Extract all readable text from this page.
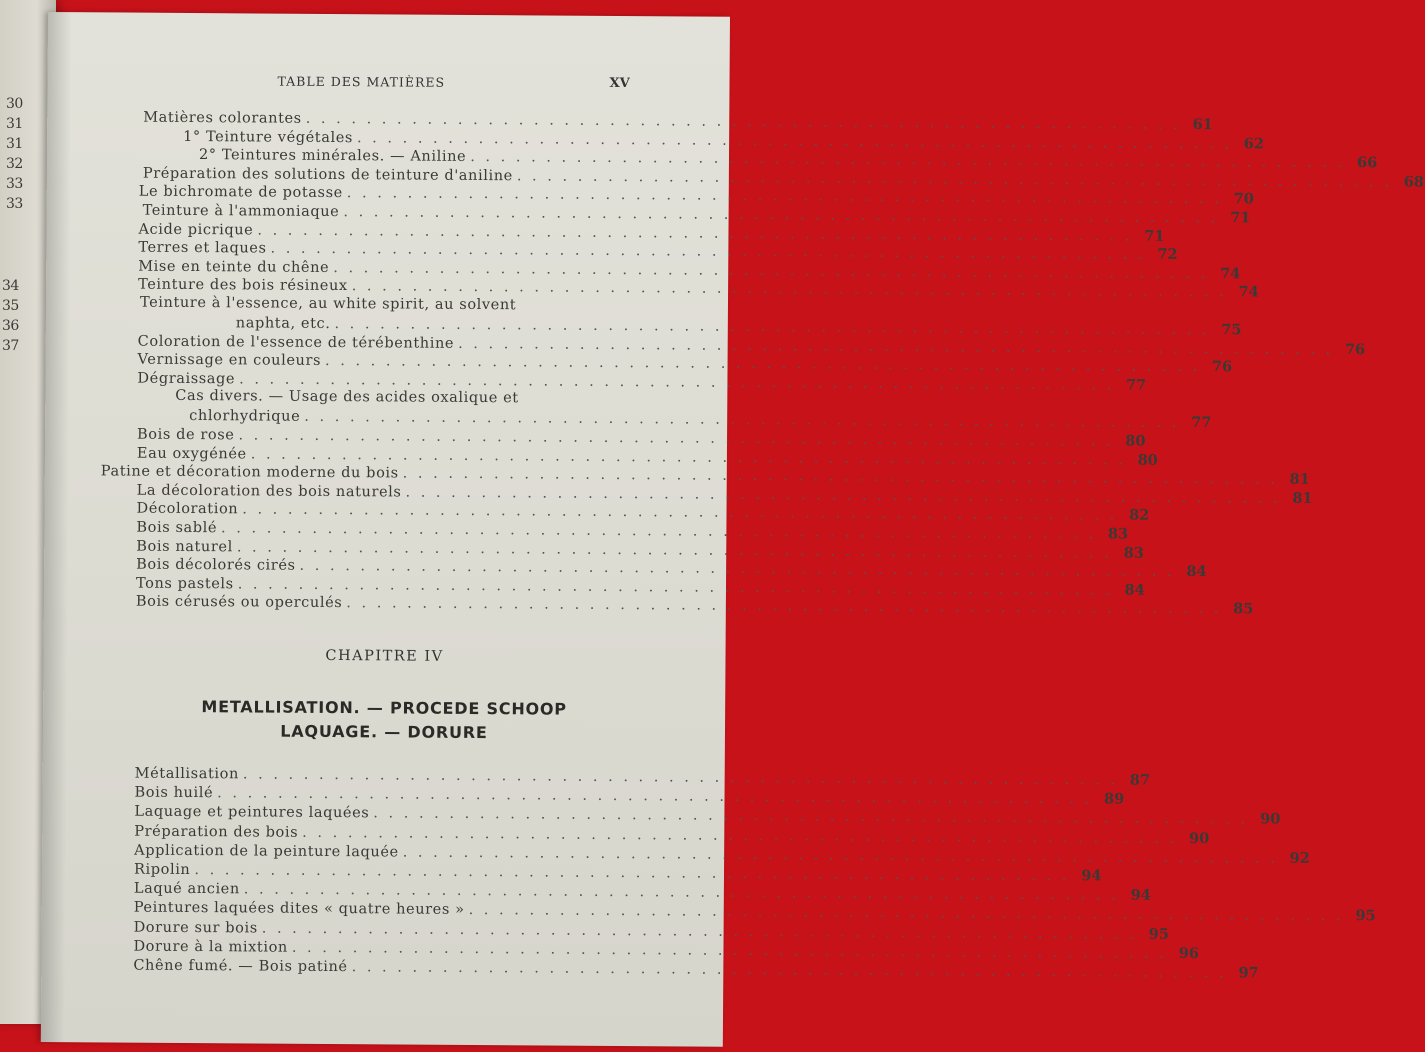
30
31
31
32
33
33
34
35
36
37
TABLE DES MATIÈRES	XV
Matières colorantes . . . . . . . . . . . . . . . . . . . . . . . . . . . . . . . . . . . . . . . . . . . . . . . . . . . . . . . . . . 61
1° Teinture végétales . . . . . . . . . . . . . . . . . . . . . . . . . . . . . . . . . . . . . . . . . . . . . . . . . . . . . . . . . . 62
2° Teintures minérales. — Aniline . . . . . . . . . . . . . . . . . . . . . . . . . . . . . . . . . . . . . . . . . . . . . . . . . . . . . . . . . . 66
Préparation des solutions de teinture d'aniline . . . . . . . . . . . . . . . . . . . . . . . . . . . . . . . . . . . . . . . . . . . . . . . . . . . . . . . . . . 68
Le bichromate de potasse . . . . . . . . . . . . . . . . . . . . . . . . . . . . . . . . . . . . . . . . . . . . . . . . . . . . . . . . . . 70
Teinture à l'ammoniaque . . . . . . . . . . . . . . . . . . . . . . . . . . . . . . . . . . . . . . . . . . . . . . . . . . . . . . . . . . 71
Acide picrique . . . . . . . . . . . . . . . . . . . . . . . . . . . . . . . . . . . . . . . . . . . . . . . . . . . . . . . . . . 71
Terres et laques . . . . . . . . . . . . . . . . . . . . . . . . . . . . . . . . . . . . . . . . . . . . . . . . . . . . . . . . . . 72
Mise en teinte du chêne . . . . . . . . . . . . . . . . . . . . . . . . . . . . . . . . . . . . . . . . . . . . . . . . . . . . . . . . . . 74
Teinture des bois résineux . . . . . . . . . . . . . . . . . . . . . . . . . . . . . . . . . . . . . . . . . . . . . . . . . . . . . . . . . . 74
Teinture à l'essence, au white spirit, au solvent
naphta, etc. . . . . . . . . . . . . . . . . . . . . . . . . . . . . . . . . . . . . . . . . . . . . . . . . . . . . . . . . . . 75
Coloration de l'essence de térébenthine . . . . . . . . . . . . . . . . . . . . . . . . . . . . . . . . . . . . . . . . . . . . . . . . . . . . . . . . . . 76
Vernissage en couleurs . . . . . . . . . . . . . . . . . . . . . . . . . . . . . . . . . . . . . . . . . . . . . . . . . . . . . . . . . . 76
Dégraissage . . . . . . . . . . . . . . . . . . . . . . . . . . . . . . . . . . . . . . . . . . . . . . . . . . . . . . . . . . 77
Cas divers. — Usage des acides oxalique et
chlorhydrique . . . . . . . . . . . . . . . . . . . . . . . . . . . . . . . . . . . . . . . . . . . . . . . . . . . . . . . . . . 77
Bois de rose . . . . . . . . . . . . . . . . . . . . . . . . . . . . . . . . . . . . . . . . . . . . . . . . . . . . . . . . . . 80
Eau oxygénée . . . . . . . . . . . . . . . . . . . . . . . . . . . . . . . . . . . . . . . . . . . . . . . . . . . . . . . . . . 80
Patine et décoration moderne du bois . . . . . . . . . . . . . . . . . . . . . . . . . . . . . . . . . . . . . . . . . . . . . . . . . . . . . . . . . . 81
La décoloration des bois naturels . . . . . . . . . . . . . . . . . . . . . . . . . . . . . . . . . . . . . . . . . . . . . . . . . . . . . . . . . . 81
Décoloration . . . . . . . . . . . . . . . . . . . . . . . . . . . . . . . . . . . . . . . . . . . . . . . . . . . . . . . . . . 82
Bois sablé . . . . . . . . . . . . . . . . . . . . . . . . . . . . . . . . . . . . . . . . . . . . . . . . . . . . . . . . . . 83
Bois naturel . . . . . . . . . . . . . . . . . . . . . . . . . . . . . . . . . . . . . . . . . . . . . . . . . . . . . . . . . . 83
Bois décolorés cirés . . . . . . . . . . . . . . . . . . . . . . . . . . . . . . . . . . . . . . . . . . . . . . . . . . . . . . . . . . 84
Tons pastels . . . . . . . . . . . . . . . . . . . . . . . . . . . . . . . . . . . . . . . . . . . . . . . . . . . . . . . . . . 84
Bois cérusés ou operculés . . . . . . . . . . . . . . . . . . . . . . . . . . . . . . . . . . . . . . . . . . . . . . . . . . . . . . . . . . 85
CHAPITRE IV
METALLISATION. — PROCEDE SCHOOP
LAQUAGE. — DORURE
Métallisation . . . . . . . . . . . . . . . . . . . . . . . . . . . . . . . . . . . . . . . . . . . . . . . . . . . . . . . . . . 87
Bois huilé . . . . . . . . . . . . . . . . . . . . . . . . . . . . . . . . . . . . . . . . . . . . . . . . . . . . . . . . . . 89
Laquage et peintures laquées . . . . . . . . . . . . . . . . . . . . . . . . . . . . . . . . . . . . . . . . . . . . . . . . . . . . . . . . . . 90
Préparation des bois . . . . . . . . . . . . . . . . . . . . . . . . . . . . . . . . . . . . . . . . . . . . . . . . . . . . . . . . . . 90
Application de la peinture laquée . . . . . . . . . . . . . . . . . . . . . . . . . . . . . . . . . . . . . . . . . . . . . . . . . . . . . . . . . . 92
Ripolin . . . . . . . . . . . . . . . . . . . . . . . . . . . . . . . . . . . . . . . . . . . . . . . . . . . . . . . . . . 94
Laqué ancien . . . . . . . . . . . . . . . . . . . . . . . . . . . . . . . . . . . . . . . . . . . . . . . . . . . . . . . . . . 94
Peintures laquées dites « quatre heures » . . . . . . . . . . . . . . . . . . . . . . . . . . . . . . . . . . . . . . . . . . . . . . . . . . . . . . . . . . 95
Dorure sur bois . . . . . . . . . . . . . . . . . . . . . . . . . . . . . . . . . . . . . . . . . . . . . . . . . . . . . . . . . . 95
Dorure à la mixtion . . . . . . . . . . . . . . . . . . . . . . . . . . . . . . . . . . . . . . . . . . . . . . . . . . . . . . . . . . 96
Chêne fumé. — Bois patiné . . . . . . . . . . . . . . . . . . . . . . . . . . . . . . . . . . . . . . . . . . . . . . . . . . . . . . . . . . 97
